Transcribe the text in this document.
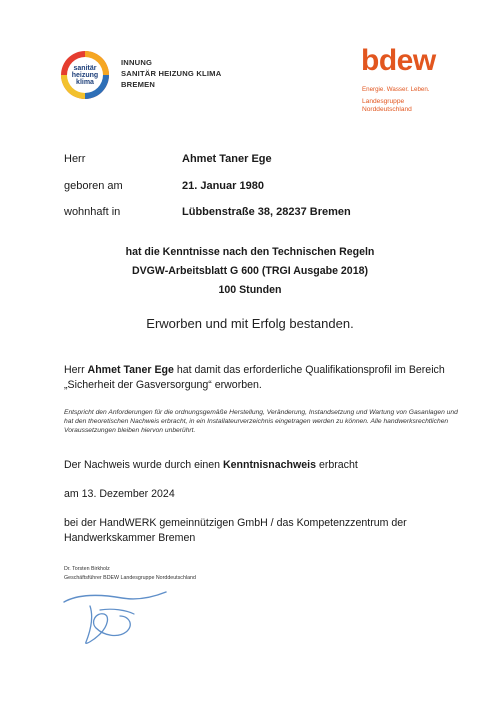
sanitär
heizung
klima
INNUNG
SANITÄR HEIZUNG KLIMA
BREMEN
bdew
Energie. Wasser. Leben.
Landesgruppe
Norddeutschland
Herr	Ahmet Taner Ege
geboren am	21. Januar 1980
wohnhaft in	Lübbenstraße 38, 28237 Bremen
hat die Kenntnisse nach den Technischen Regeln
DVGW-Arbeitsblatt G 600 (TRGI Ausgabe 2018)
100 Stunden
Erworben und mit Erfolg bestanden.
Herr Ahmet Taner Ege hat damit das erforderliche Qualifikationsprofil im Bereich „Sicherheit der Gasversorgung“ erworben.
Entspricht den Anforderungen für die ordnungsgemäße Herstellung, Veränderung, Instandsetzung und Wartung von Gasanlagen und hat den theoretischen Nachweis erbracht, in ein Installateurverzeichnis eingetragen werden zu können. Alle handwerksrechtlichen Voraussetzungen bleiben hiervon unberührt.
Der Nachweis wurde durch einen Kenntnisnachweis erbracht
am 13. Dezember 2024
bei der HandWERK gemeinnützigen GmbH / das Kompetenzzentrum der Handwerkskammer Bremen
Dr. Torsten Birkholz
Geschäftsführer BDEW Landesgruppe Norddeutschland
